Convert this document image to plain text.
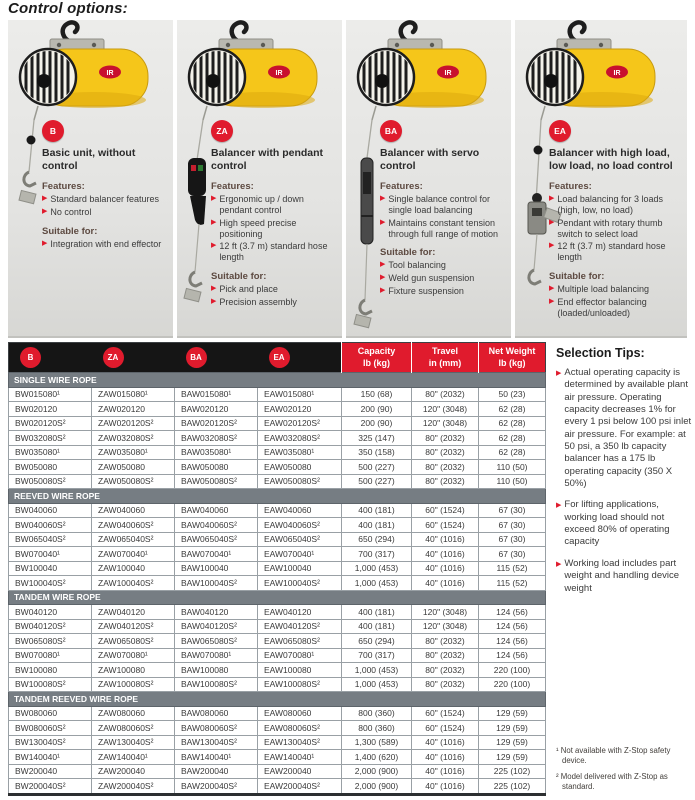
Control options:
B
Basic unit, without control
Features:
▶ Standard balancer features
▶ No control
Suitable for:
▶ Integration with end effector
ZA
Balancer with pendant control
Features:
▶ Ergonomic up / down pendant control
▶ High speed precise positioning
▶ 12 ft (3.7 m) standard hose length
Suitable for:
▶ Pick and place
▶ Precision assembly
BA
Balancer with servo control
Features:
▶ Single balance control for single load balancing
▶ Maintains constant tension through full range of motion
Suitable for:
▶ Tool balancing
▶ Weld gun suspension
▶ Fixture suspension
EA
Balancer with high load, low load, no load control
Features:
▶ Load balancing for 3 loads (high, low, no load)
▶ Pendant with rotary thumb switch to select load
▶ 12 ft (3.7 m) standard hose length
Suitable for:
▶ Multiple load balancing
▶ End effector balancing (loaded/unloaded)
B	ZA	BA	EA	
Capacity
lb (kg)

Travel
in (mm)

Net Weight
lb (kg)

SINGLE WIRE ROPE						
BW015080¹	ZAW015080¹	BAW015080¹	EAW015080¹	150 (68)	80" (2032)	50 (23)
BW020120	ZAW020120	BAW020120	EAW020120	200 (90)	120" (3048)	62 (28)
BW020120S²	ZAW020120S²	BAW020120S²	EAW020120S²	200 (90)	120" (3048)	62 (28)
BW032080S²	ZAW032080S²	BAW032080S²	EAW032080S²	325 (147)	80" (2032)	62 (28)
BW035080¹	ZAW035080¹	BAW035080¹	EAW035080¹	350 (158)	80" (2032)	62 (28)
BW050080	ZAW050080	BAW050080	EAW050080	500 (227)	80" (2032)	110 (50)
BW050080S²	ZAW050080S²	BAW050080S²	EAW050080S²	500 (227)	80" (2032)	110 (50)
REEVED WIRE ROPE						
BW040060	ZAW040060	BAW040060	EAW040060	400 (181)	60" (1524)	67 (30)
BW040060S²	ZAW040060S²	BAW040060S²	EAW040060S²	400 (181)	60" (1524)	67 (30)
BW065040S²	ZAW065040S²	BAW065040S²	EAW065040S²	650 (294)	40" (1016)	67 (30)
BW070040¹	ZAW070040¹	BAW070040¹	EAW070040¹	700 (317)	40" (1016)	67 (30)
BW100040	ZAW100040	BAW100040	EAW100040	1,000 (453)	40" (1016)	115 (52)
BW100040S²	ZAW100040S²	BAW100040S²	EAW100040S²	1,000 (453)	40" (1016)	115 (52)
TANDEM WIRE ROPE						
BW040120	ZAW040120	BAW040120	EAW040120	400 (181)	120" (3048)	124 (56)
BW040120S²	ZAW040120S²	BAW040120S²	EAW040120S²	400 (181)	120" (3048)	124 (56)
BW065080S²	ZAW065080S²	BAW065080S²	EAW065080S²	650 (294)	80" (2032)	124 (56)
BW070080¹	ZAW070080¹	BAW070080¹	EAW070080¹	700 (317)	80" (2032)	124 (56)
BW100080	ZAW100080	BAW100080	EAW100080	1,000 (453)	80" (2032)	220 (100)
BW100080S²	ZAW100080S²	BAW100080S²	EAW100080S²	1,000 (453)	80" (2032)	220 (100)
TANDEM REEVED WIRE ROPE						
BW080060	ZAW080060	BAW080060	EAW080060	800 (360)	60" (1524)	129 (59)
BW080060S²	ZAW080060S²	BAW080060S²	EAW080060S²	800 (360)	60" (1524)	129 (59)
BW130040S²	ZAW130040S²	BAW130040S²	EAW130040S²	1,300 (589)	40" (1016)	129 (59)
BW140040¹	ZAW140040¹	BAW140040¹	EAW140040¹	1,400 (620)	40" (1016)	129 (59)
BW200040	ZAW200040	BAW200040	EAW200040	2,000 (900)	40" (1016)	225 (102)
BW200040S²	ZAW200040S²	BAW200040S²	EAW200040S²	2,000 (900)	40" (1016)	225 (102)
Selection Tips:
▶ Actual operating capacity is determined by available plant air pressure. Operating capacity decreases 1% for every 1 psi below 100 psi inlet air pressure. For example: at 50 psi, a 350 lb capacity balancer has a 175 lb operating capacity (350 X 50%)
▶ For lifting applications, working load should not exceed 80% of operating capacity
▶ Working load includes part weight and handling device weight

¹ Not available with Z-Stop safety device.

² Model delivered with Z-Stop as standard.
